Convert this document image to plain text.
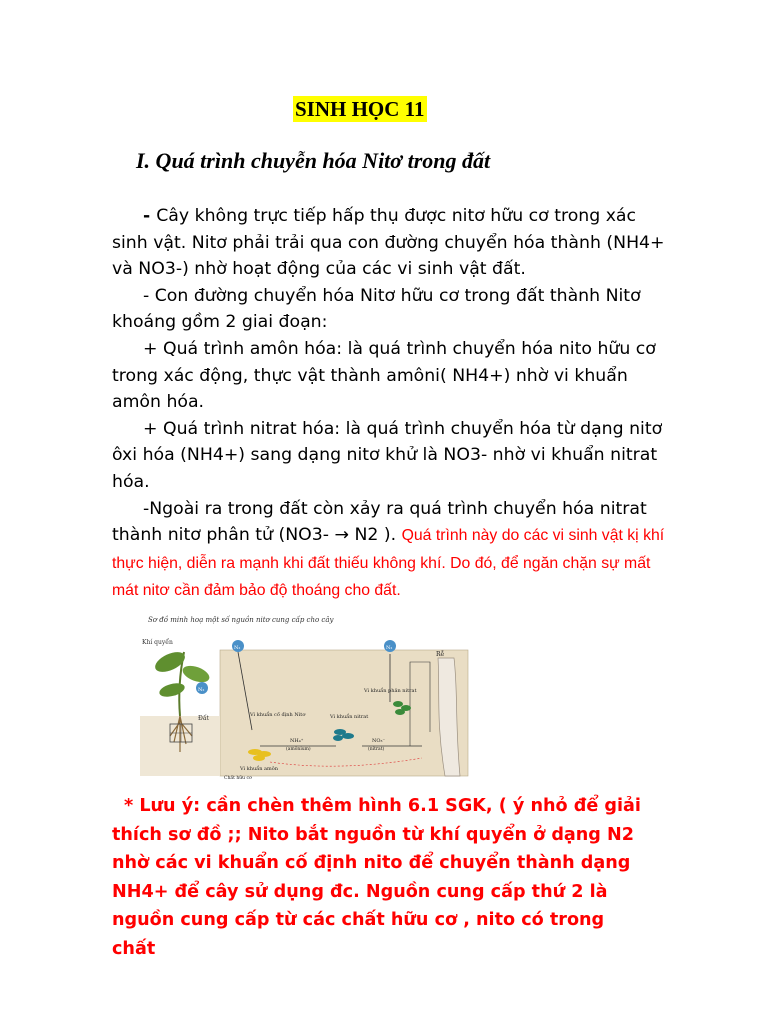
SINH HỌC 11
I. Quá trình chuyễn hóa Nitơ trong đất

- Cây không trực tiếp hấp thụ được nitơ hữu cơ trong xác sinh vật. Nitơ phải trải qua con đường chuyển hóa thành (NH4+ và NO3-) nhờ hoạt động của các vi sinh vật đất.

- Con đường chuyển hóa Nitơ hữu cơ trong đất thành Nitơ khoáng gồm 2 giai đoạn:

+ Quá trình amôn hóa: là quá trình chuyển hóa nito hữu cơ trong xác động, thực vật thành amôni( NH4+) nhờ vi khuẩn amôn hóa.

+ Quá trình nitrat hóa: là quá trình chuyển hóa từ dạng nitơ ôxi hóa (NH4+) sang dạng nitơ khử là NO3- nhờ vi khuẩn nitrat hóa.

-Ngoài ra trong đất còn xảy ra quá trình chuyển hóa nitrat thành nitơ phân tử (NO3- → N2 ). Quá trình này do các vi sinh vật kị khí thực hiện, diễn ra mạnh khi đất thiếu không khí. Do đó, để ngăn chặn sự mất mát nitơ cần đảm bảo độ thoáng cho đất.

Sơ đồ minh hoạ một số nguồn nitơ cung cấp cho cây
Khí quyển
Đất
N₂
N₂
N₂
Vi khuẩn cố định Nitơ	Vi khuẩn nitrat
Vi khuẩn phản nitrat
Rễ
NH₄⁺
(amônium)
NO₃⁻
(nitrat)
Vi khuẩn amôn
Chất hữu cơ

* Lưu ý: cần chèn thêm hình 6.1 SGK, ( ý nhỏ để giải thích sơ đồ ;; Nito bắt nguồn từ khí quyển ở dạng N2 nhờ các vi khuẩn cố định nito để chuyển thành dạng NH4+ để cây sử dụng đc. Nguồn cung cấp thứ 2 là nguồn cung cấp từ các chất hữu cơ , nito có trong chất
